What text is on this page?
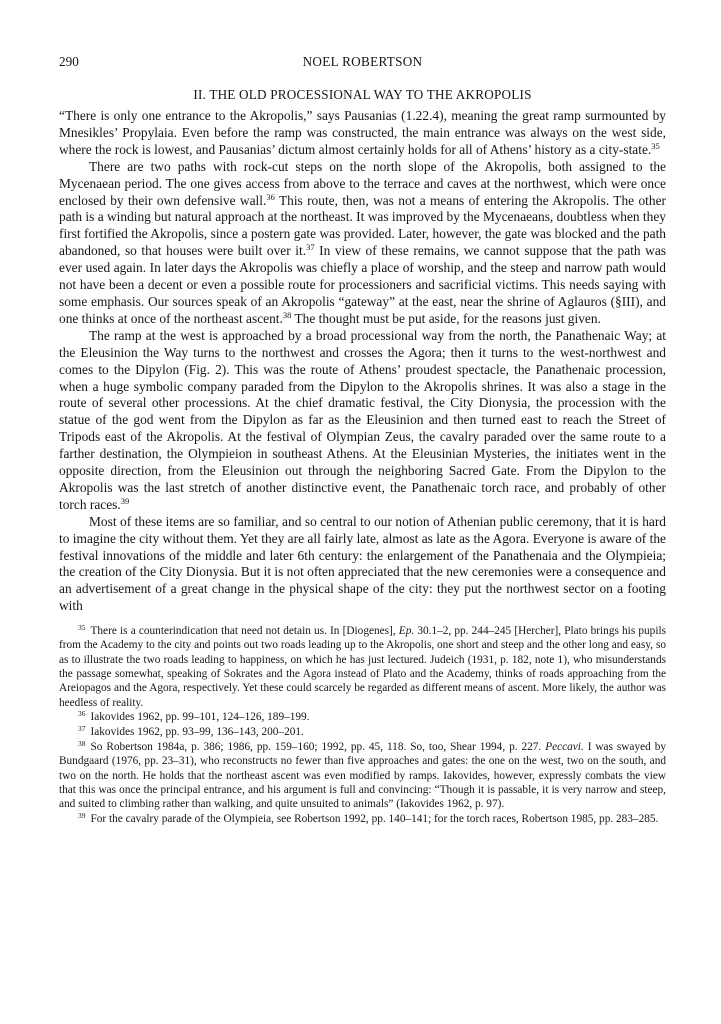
290	NOEL ROBERTSON
II. THE OLD PROCESSIONAL WAY TO THE AKROPOLIS

“There is only one entrance to the Akropolis,” says Pausanias (1.22.4), meaning the great ramp surmounted by Mnesikles’ Propylaia. Even before the ramp was constructed, the main entrance was always on the west side, where the rock is lowest, and Pausanias’ dictum almost certainly holds for all of Athens’ history as a city-state.$^{35}$

There are two paths with rock-cut steps on the north slope of the Akropolis, both assigned to the Mycenaean period. The one gives access from above to the terrace and caves at the northwest, which were once enclosed by their own defensive wall.$^{36}$ This route, then, was not a means of entering the Akropolis. The other path is a winding but natural approach at the northeast. It was improved by the Mycenaeans, doubtless when they first fortified the Akropolis, since a postern gate was provided. Later, however, the gate was blocked and the path abandoned, so that houses were built over it.$^{37}$ In view of these remains, we cannot suppose that the path was ever used again. In later days the Akropolis was chiefly a place of worship, and the steep and narrow path would not have been a decent or even a possible route for processioners and sacrificial victims. This needs saying with some emphasis. Our sources speak of an Akropolis “gateway” at the east, near the shrine of Aglauros (§III), and one thinks at once of the northeast ascent.$^{38}$ The thought must be put aside, for the reasons just given.

The ramp at the west is approached by a broad processional way from the north, the Panathenaic Way; at the Eleusinion the Way turns to the northwest and crosses the Agora; then it turns to the west-northwest and comes to the Dipylon (Fig. 2). This was the route of Athens’ proudest spectacle, the Panathenaic procession, when a huge symbolic company paraded from the Dipylon to the Akropolis shrines. It was also a stage in the route of several other processions. At the chief dramatic festival, the City Dionysia, the procession with the statue of the god went from the Dipylon as far as the Eleusinion and then turned east to reach the Street of Tripods east of the Akropolis. At the festival of Olympian Zeus, the cavalry paraded over the same route to a farther destination, the Olympieion in southeast Athens. At the Eleusinian Mysteries, the initiates went in the opposite direction, from the Eleusinion out through the neighboring Sacred Gate. From the Dipylon to the Akropolis was the last stretch of another distinctive event, the Panathenaic torch race, and probably of other torch races.$^{39}$

Most of these items are so familiar, and so central to our notion of Athenian public ceremony, that it is hard to imagine the city without them. Yet they are all fairly late, almost as late as the Agora. Everyone is aware of the festival innovations of the middle and later 6th century: the enlargement of the Panathenaia and the Olympieia; the creation of the City Dionysia. But it is not often appreciated that the new ceremonies were a consequence and an advertisement of a great change in the physical shape of the city: they put the northwest sector on a footing with

$^{35}$ There is a counterindication that need not detain us. In [Diogenes], Ep. 30.1–2, pp. 244–245 [Hercher], Plato brings his pupils from the Academy to the city and points out two roads leading up to the Akropolis, one short and steep and the other long and easy, so as to illustrate the two roads leading to happiness, on which he has just lectured. Judeich (1931, p. 182, note 1), who misunderstands the passage somewhat, speaking of Sokrates and the Agora instead of Plato and the Academy, thinks of roads approaching from the Areiopagos and the Agora, respectively. Yet these could scarcely be regarded as different means of ascent. More likely, the author was heedless of reality.

$^{36}$ Iakovides 1962, pp. 99–101, 124–126, 189–199.

$^{37}$ Iakovides 1962, pp. 93–99, 136–143, 200–201.

$^{38}$ So Robertson 1984a, p. 386; 1986, pp. 159–160; 1992, pp. 45, 118. So, too, Shear 1994, p. 227. Peccavi. I was swayed by Bundgaard (1976, pp. 23–31), who reconstructs no fewer than five approaches and gates: the one on the west, two on the south, and two on the north. He holds that the northeast ascent was even modified by ramps. Iakovides, however, expressly combats the view that this was once the principal entrance, and his argument is full and convincing: “Though it is passable, it is very narrow and steep, and suited to climbing rather than walking, and quite unsuited to animals” (Iakovides 1962, p. 97).

$^{39}$ For the cavalry parade of the Olympieia, see Robertson 1992, pp. 140–141; for the torch races, Robertson 1985, pp. 283–285.
